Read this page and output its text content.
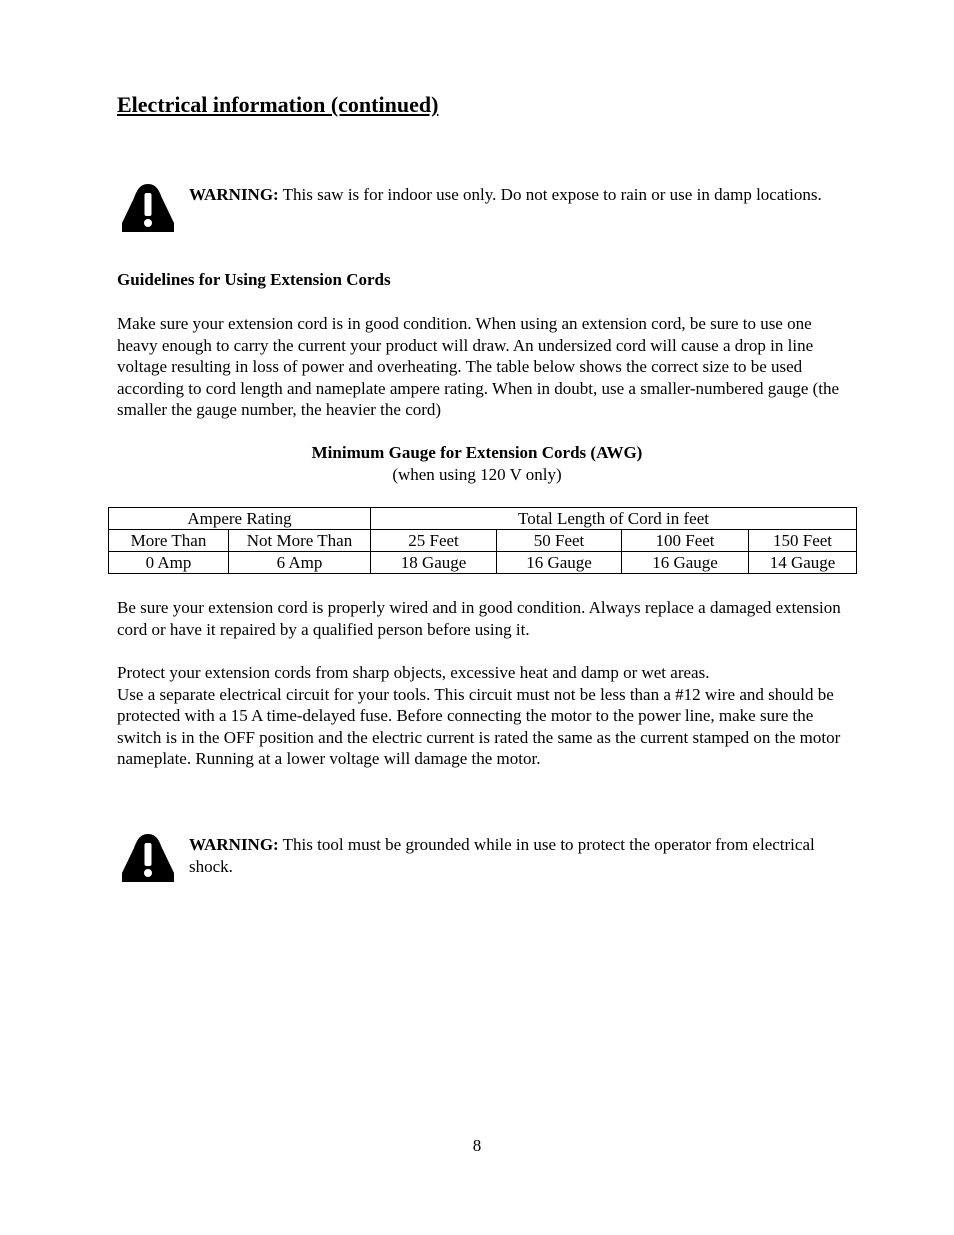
Electrical information (continued)

WARNING: This saw is for indoor use only. Do not expose to rain or use in damp locations.

Guidelines for Using Extension Cords

Make sure your extension cord is in good condition. When using an extension cord, be sure to use one heavy enough to carry the current your product will draw. An undersized cord will cause a drop in line voltage resulting in loss of power and overheating. The table below shows the correct size to be used according to cord length and nameplate ampere rating. When in doubt, use a smaller-numbered gauge (the smaller the gauge number, the heavier the cord)

Minimum Gauge for Extension Cords (AWG)
(when using 120 V only)
Ampere Rating		Total Length of Cord in feet			
More Than	Not More Than	25 Feet	50 Feet	100 Feet	150 Feet
0 Amp	6 Amp	18 Gauge	16 Gauge	16 Gauge	14 Gauge

Be sure your extension cord is properly wired and in good condition. Always replace a damaged extension cord or have it repaired by a qualified person before using it.

Protect your extension cords from sharp objects, excessive heat and damp or wet areas.
Use a separate electrical circuit for your tools. This circuit must not be less than a #12 wire and should be protected with a 15 A time-delayed fuse. Before connecting the motor to the power line, make sure the switch is in the OFF position and the electric current is rated the same as the current stamped on the motor nameplate. Running at a lower voltage will damage the motor.

WARNING: This tool must be grounded while in use to protect the operator from electrical shock.

8
